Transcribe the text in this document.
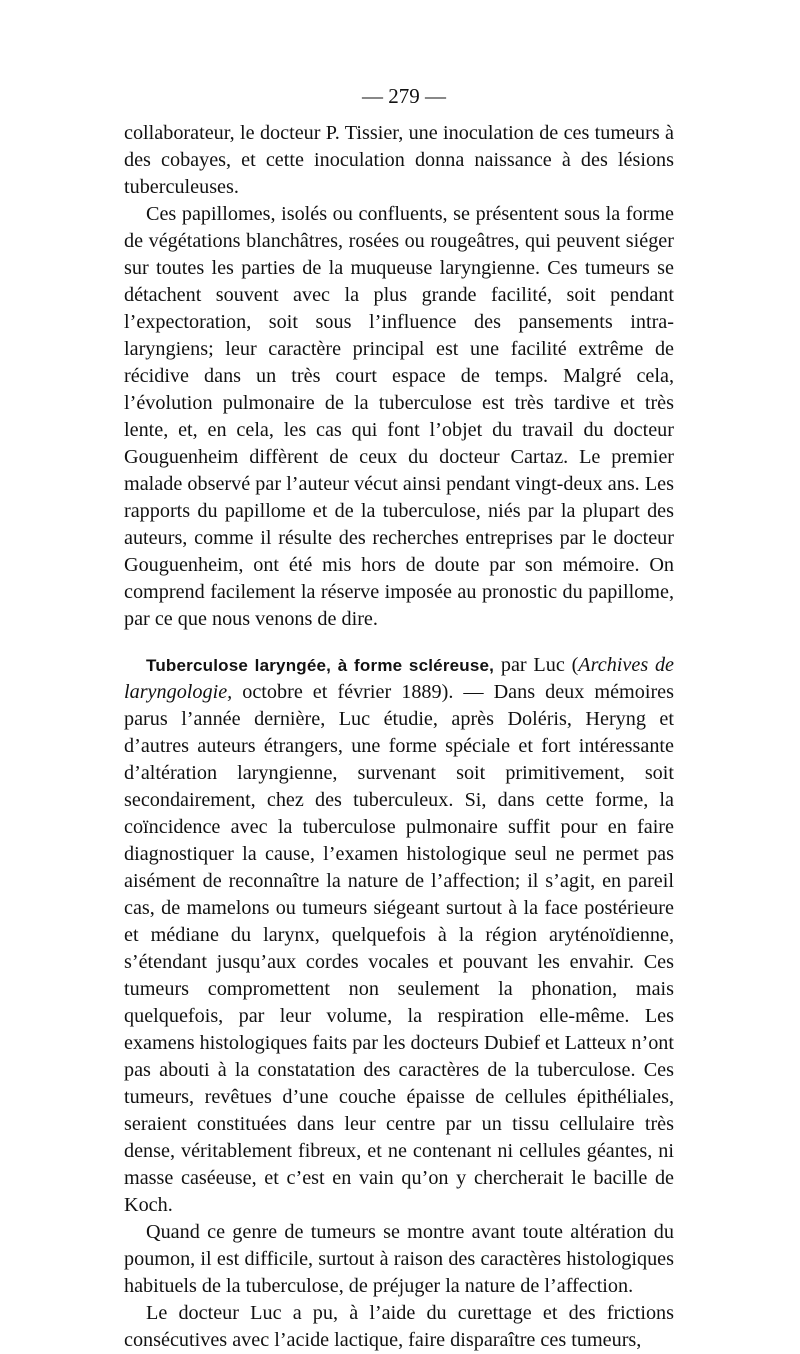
— 279 —

collaborateur, le docteur P. Tissier, une inoculation de ces tumeurs à des cobayes, et cette inoculation donna naissance à des lésions tuberculeuses.

Ces papillomes, isolés ou confluents, se présentent sous la forme de végétations blanchâtres, rosées ou rougeâtres, qui peuvent siéger sur toutes les parties de la muqueuse laryngienne. Ces tumeurs se détachent souvent avec la plus grande facilité, soit pendant l’expectoration, soit sous l’influence des pansements intra-laryngiens; leur caractère principal est une facilité extrême de récidive dans un très court espace de temps. Malgré cela, l’évolution pulmonaire de la tuberculose est très tardive et très lente, et, en cela, les cas qui font l’objet du travail du docteur Gouguenheim diffèrent de ceux du docteur Cartaz. Le premier malade observé par l’auteur vécut ainsi pendant vingt-deux ans. Les rapports du papillome et de la tuberculose, niés par la plupart des auteurs, comme il résulte des recherches entreprises par le docteur Gouguenheim, ont été mis hors de doute par son mémoire. On comprend facilement la réserve imposée au pronostic du papillome, par ce que nous venons de dire.

Tuberculose laryngée, à forme scléreuse, par Luc (Archives de laryngologie, octobre et février 1889). — Dans deux mémoires parus l’année dernière, Luc étudie, après Doléris, Heryng et d’autres auteurs étrangers, une forme spéciale et fort intéressante d’altération laryngienne, survenant soit primitivement, soit secondairement, chez des tuberculeux. Si, dans cette forme, la coïncidence avec la tuberculose pulmonaire suffit pour en faire diagnostiquer la cause, l’examen histologique seul ne permet pas aisément de reconnaître la nature de l’affection; il s’agit, en pareil cas, de mamelons ou tumeurs siégeant surtout à la face postérieure et médiane du larynx, quelquefois à la région aryténoïdienne, s’étendant jusqu’aux cordes vocales et pouvant les envahir. Ces tumeurs compromettent non seulement la phonation, mais quelquefois, par leur volume, la respiration elle-même. Les examens histologiques faits par les docteurs Dubief et Latteux n’ont pas abouti à la constatation des caractères de la tuberculose. Ces tumeurs, revêtues d’une couche épaisse de cellules épithéliales, seraient constituées dans leur centre par un tissu cellulaire très dense, véritablement fibreux, et ne contenant ni cellules géantes, ni masse caséeuse, et c’est en vain qu’on y chercherait le bacille de Koch.

Quand ce genre de tumeurs se montre avant toute altération du poumon, il est difficile, surtout à raison des caractères histologiques habituels de la tuberculose, de préjuger la nature de l’affection.

Le docteur Luc a pu, à l’aide du curettage et des frictions consécutives avec l’acide lactique, faire disparaître ces tumeurs,
